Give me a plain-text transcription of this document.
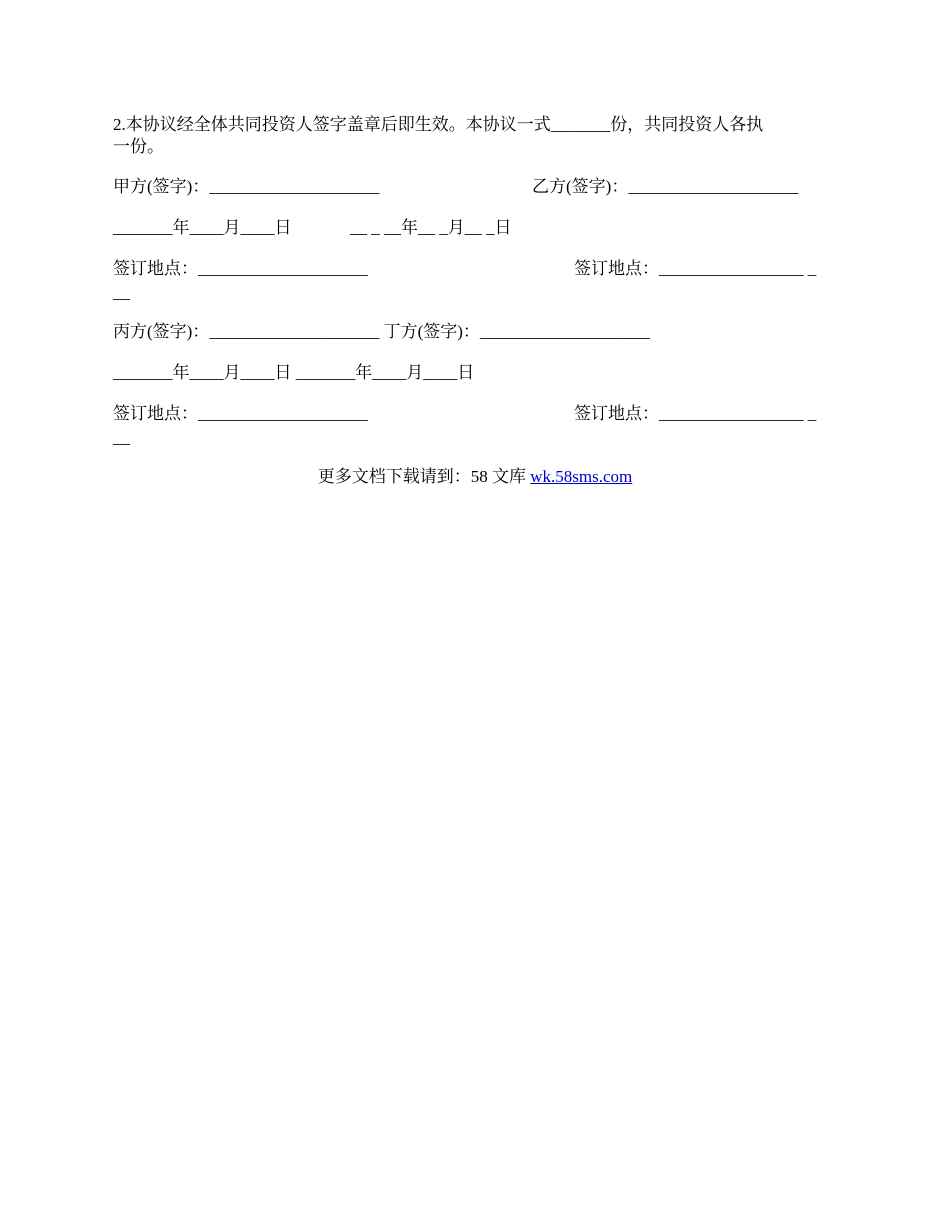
2.本协议经全体共同投资人签字盖章后即生效。本协议一式_______份，共同投资人各执
一份。
甲方(签字)：____________________	乙方(签字)：____________________
_______年____月____日	__ _ __年__ _月__ _日
签订地点：____________________	签订地点：_________________ _
__
丙方(签字)：____________________ 丁方(签字)：____________________
_______年____月____日 _______年____月____日
签订地点：____________________	签订地点：_________________ _
__
更多文档下载请到：58 文库 wk.58sms.com
